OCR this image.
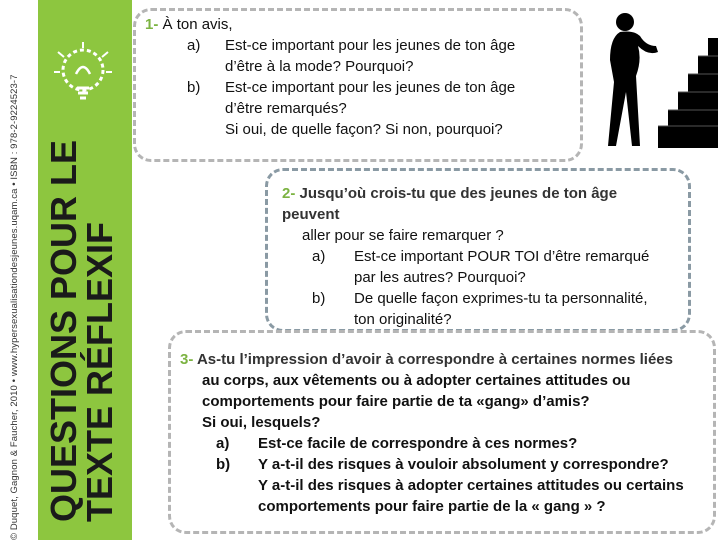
© Duquet, Gagnon & Faucher, 2010 • www.hypersexualisationdesjeunes.uqam.ca • ISBN : 978-2-9224523-7 QUESTIONS POUR LE
TEXTE RÉFLEXIF
1- À ton avis,
a)	Est-ce important pour les jeunes de ton âge
d’être à la mode? Pourquoi?
b)	Est-ce important pour les jeunes de ton âge
d’être remarqués?
Si oui, de quelle façon? Si non, pourquoi?
2- Jusqu’où crois-tu que des jeunes de ton âge
peuvent
aller pour se faire remarquer ?
a)	Est-ce important POUR TOI d’être remarqué
par les autres? Pourquoi?
b)	De quelle façon exprimes-tu ta personnalité,
ton originalité?
3- As-tu l’impression d’avoir à correspondre à certaines normes liées
au corps, aux vêtements ou à adopter certaines attitudes ou
comportements pour faire partie de ta «gang» d’amis?
Si oui, lesquels?
a)	Est-ce facile de correspondre à ces normes?
b)	Y a-t-il des risques à vouloir absolument y correspondre?
Y a-t-il des risques à adopter certaines attitudes ou certains
comportements pour faire partie de la « gang » ?
